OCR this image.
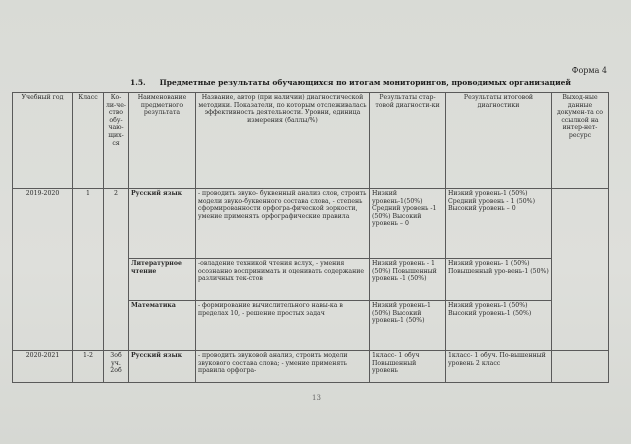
Форма 4
1.5. Предметные результаты обучающихся по итогам мониторингов, проводимых организацией
Учебный год	Класс	Ко-ли-че-ство обу-чаю-щих-ся	Наименование предметного результата	Название, автор (при наличии) диагностической методики. Показатели, по которым отслеживалась эффективность деятельности. Уровни, единица измерения (баллы/%)	Результаты стар-товой диагности-ки	Результаты итоговой диагностики	Выход-ные данные докумен-та со ссылкой на интер-нет-ресурс
2019-2020	1	2	Русский язык	- проводить звуко- буквенный анализ слов, строить модели звуко-буквенного состава слова, - степень сформированности орфогра-фической зоркости, умение применять орфографические правила	Низкий уровень-1(50%) Средний уровень -1 (50%) Высокий уровень – 0	Низкий уровень-1 (50%) Средний уровень - 1 (50%) Высокий уровень – 0	
			Литературное чтение	-овладение техникой чтения вслух, - умения осознанно воспринимать и оценивать содержание различных тек-стов	Низкий уровень - 1 (50%) Повышенный уровень -1 (50%)	Низкий уровень- 1 (50%) Повышенный уро-вень-1 (50%)	
			Математика	- формирование вычислительного навы-ка в пределах 10, - решение простых задач	Низкий уровень-1 (50%) Высокий уровень-1 (50%)	Низкий уровень-1 (50%) Высокий уровень-1 (50%)	
2020-2021	1-2	3об уч. 2об	Русский язык	- проводить звуковой анализ, строить модели звукового состава слова; - умение применять правила орфогра-	1класс- 1 обуч Повышенный уровень	1класс- 1 обуч. По-вышенный уровень 2 класс	
13
